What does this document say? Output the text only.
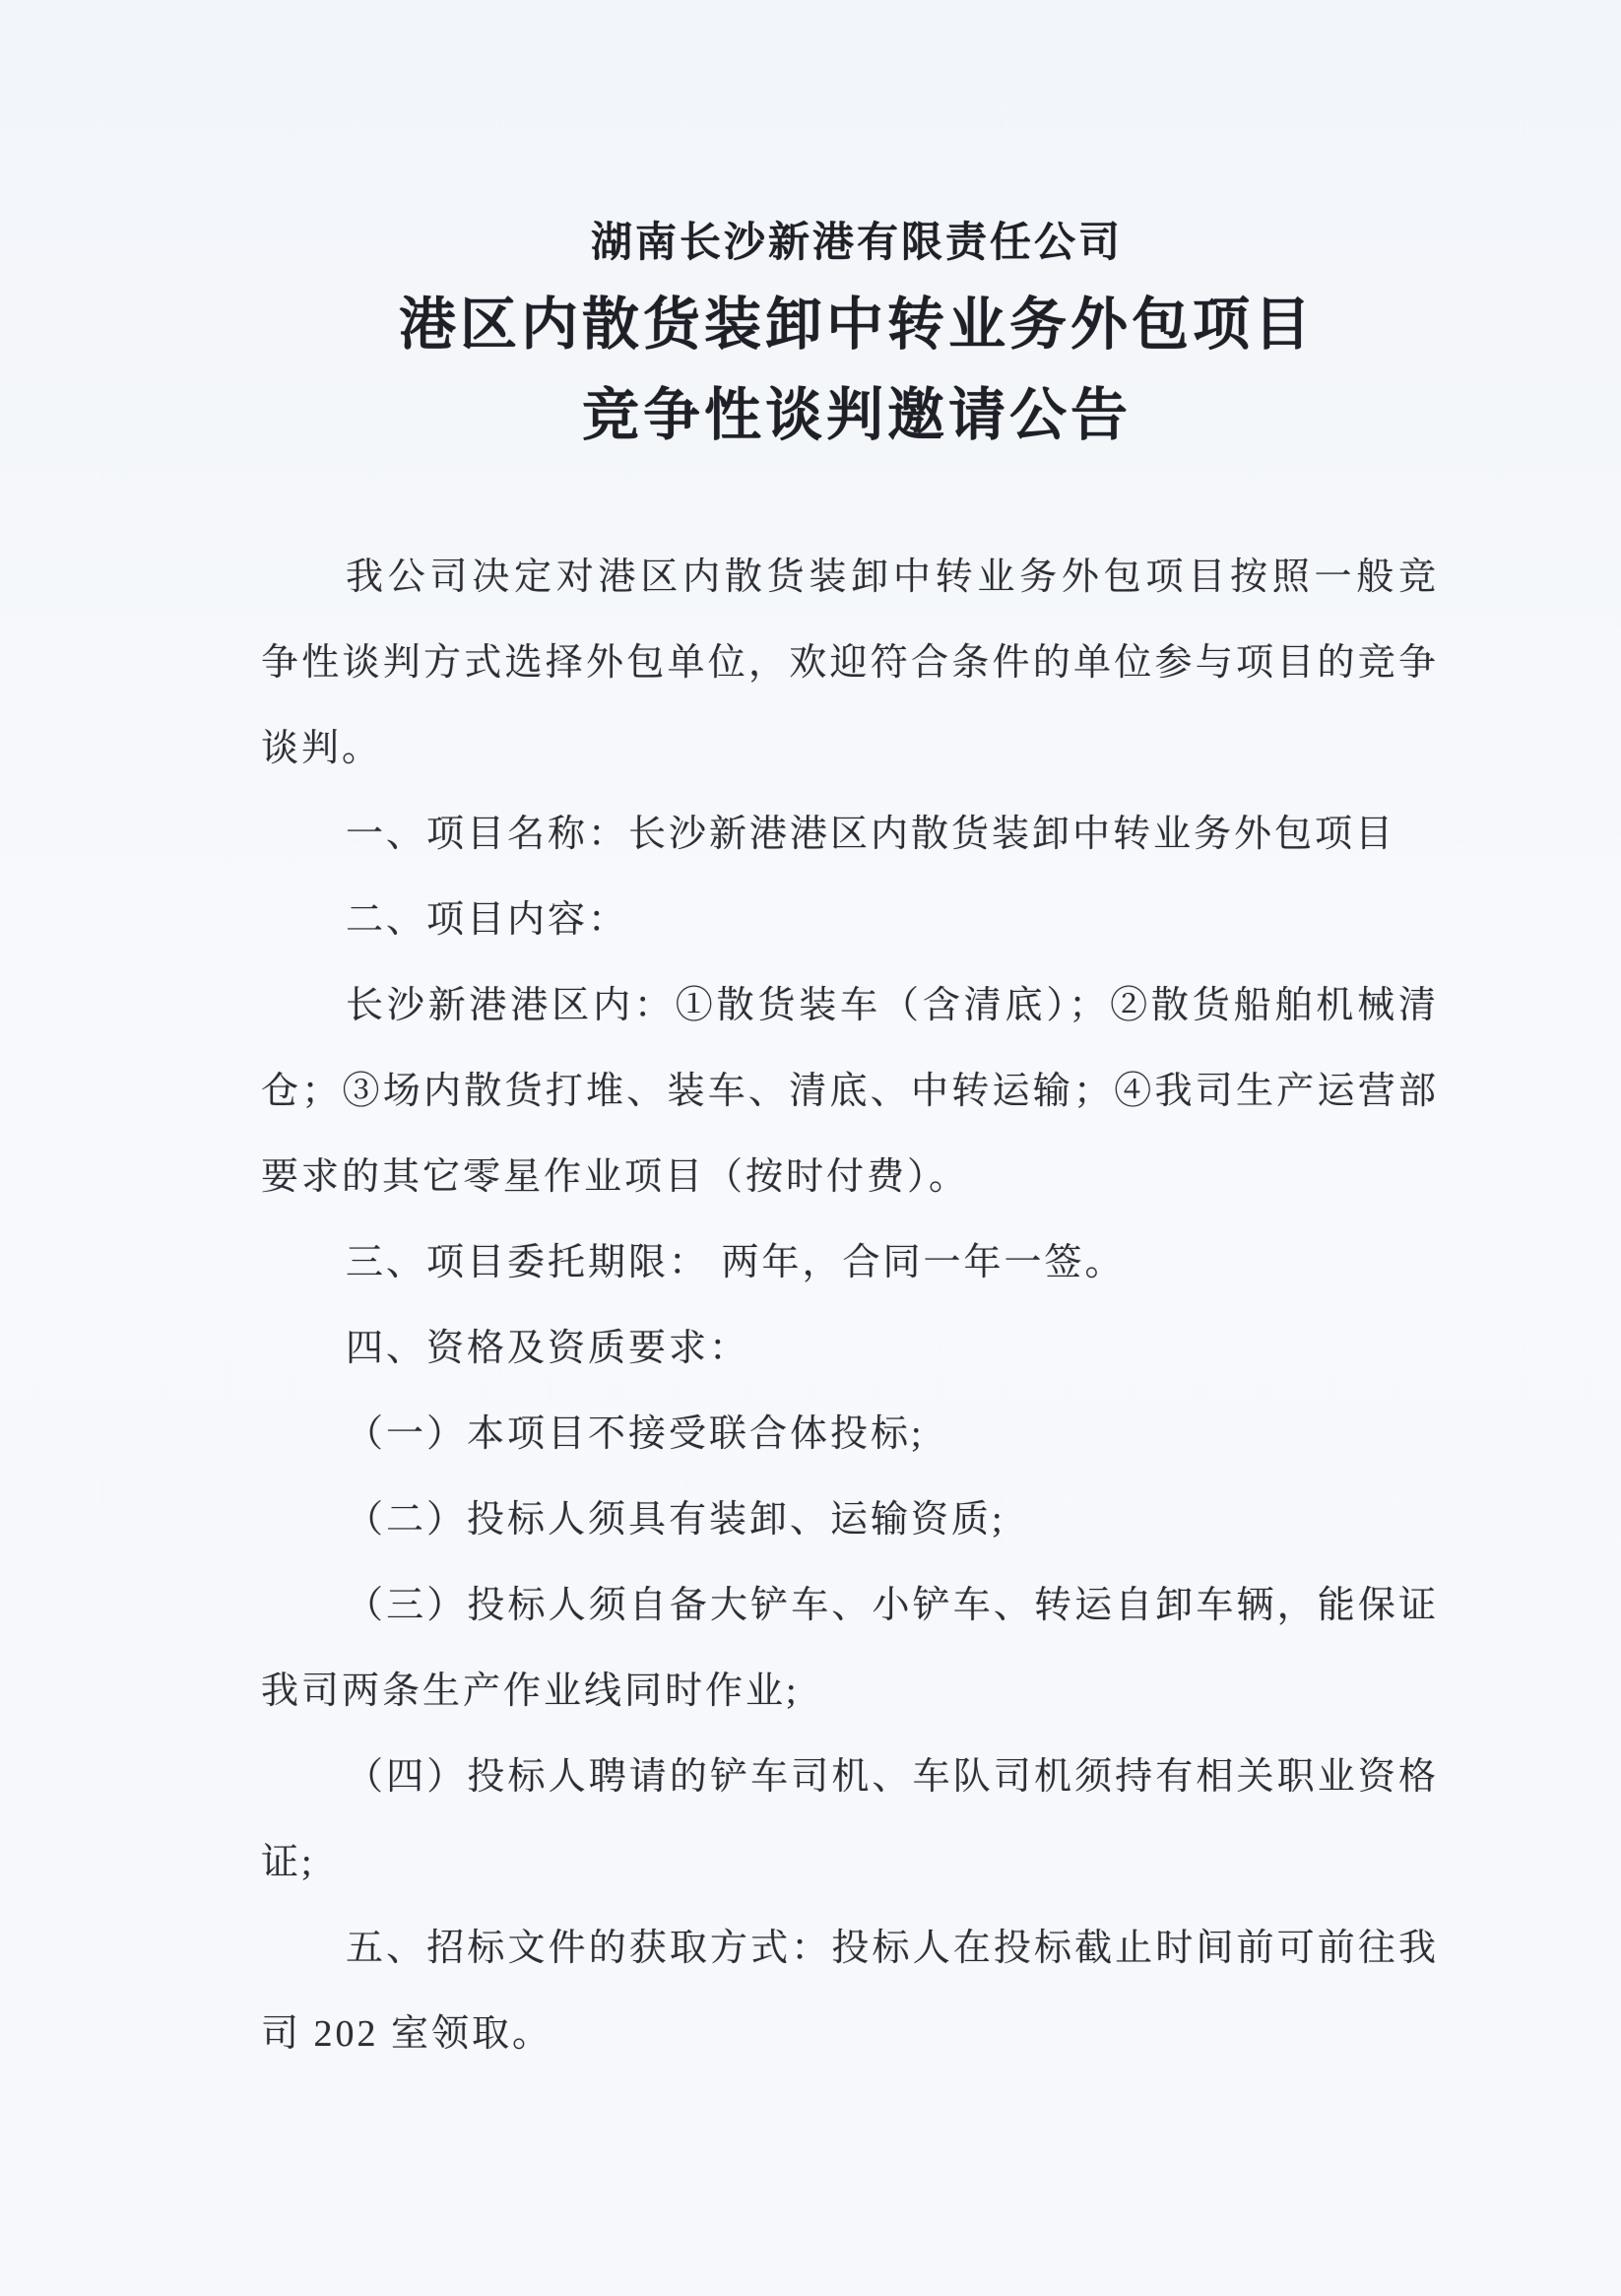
湖南长沙新港有限责任公司
港区内散货装卸中转业务外包项目
竞争性谈判邀请公告
我公司决定对港区内散货装卸中转业务外包项目按照一般竞
争性谈判方式选择外包单位，欢迎符合条件的单位参与项目的竞争
谈判。
一、项目名称：长沙新港港区内散货装卸中转业务外包项目
二、项目内容：
长沙新港港区内：①散货装车（含清底）；②散货船舶机械清
仓；③场内散货打堆、装车、清底、中转运输；④我司生产运营部
要求的其它零星作业项目（按时付费）。
三、项目委托期限： 两年，合同一年一签。
四、资格及资质要求：
（一）本项目不接受联合体投标;
（二）投标人须具有装卸、运输资质;
（三）投标人须自备大铲车、小铲车、转运自卸车辆，能保证
我司两条生产作业线同时作业;
（四）投标人聘请的铲车司机、车队司机须持有相关职业资格
证;
五、招标文件的获取方式：投标人在投标截止时间前可前往我
司 202 室领取。
